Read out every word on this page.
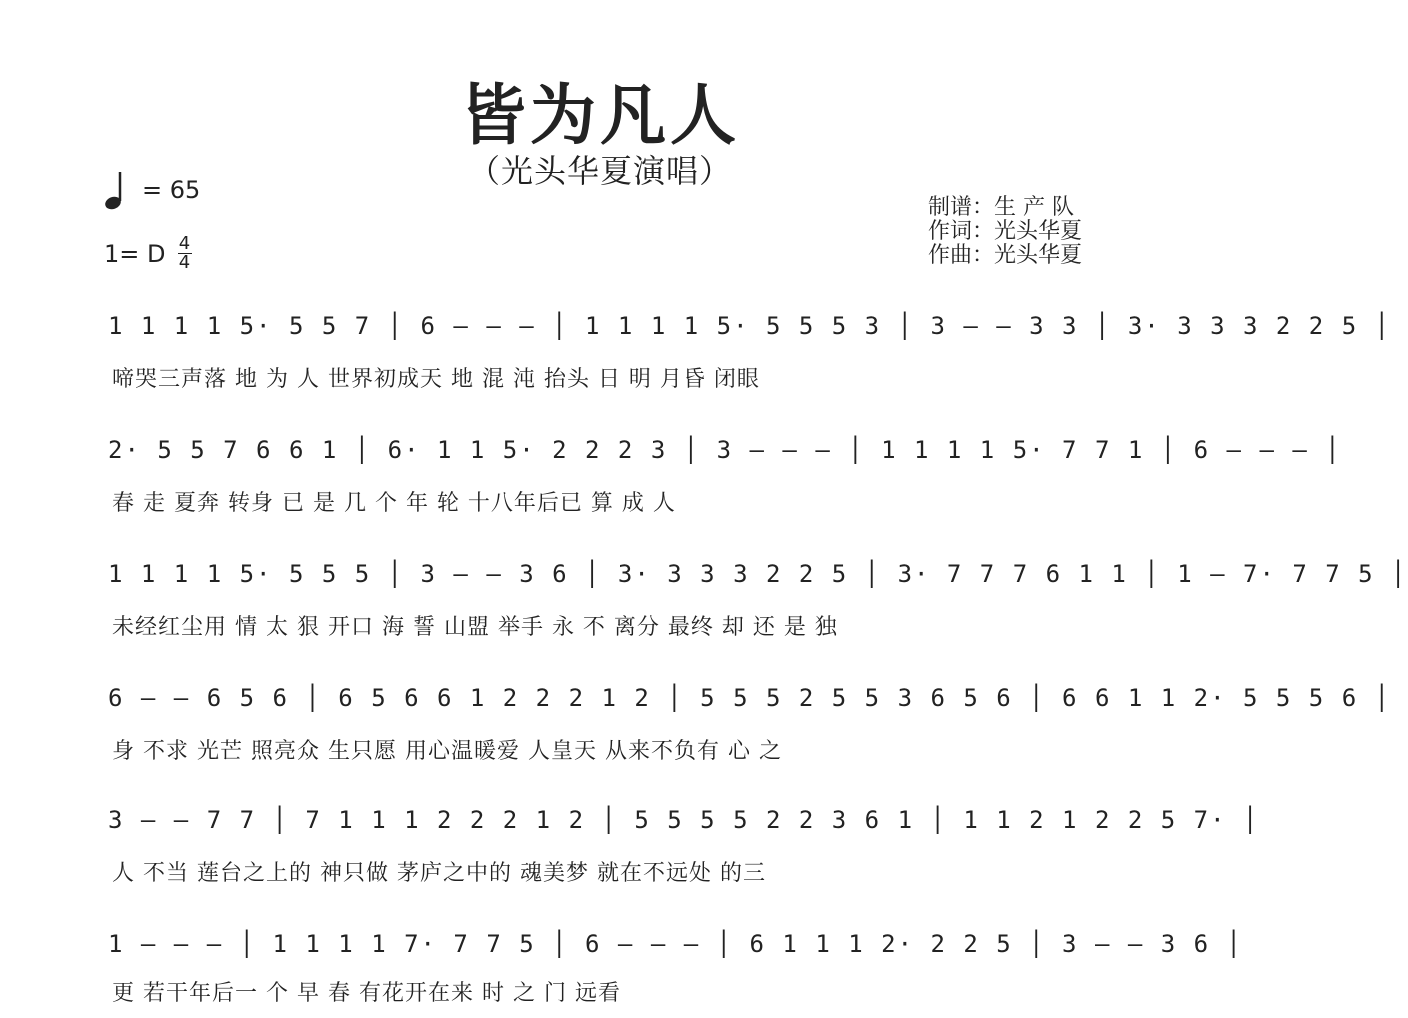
皆为凡人
（光头华夏演唱）
= 65
1= D $\frac{4}{4}$
制谱：生 产 队
作词：光头华夏
作曲：光头华夏
1 1 1 1 5· 5 5 7 │ 6 — — — │ 1 1 1 1 5· 5 5 5 3 │ 3 — — 3 3 │ 3· 3 3 3 2 2 5 │
啼哭三声落 地 为 人 世界初成天 地 混 沌 抬头 日 明 月昏 闭眼
2· 5 5 7 6 6 1 │ 6· 1 1 5· 2 2 2 3 │ 3 — — — │ 1 1 1 1 5· 7 7 1 │ 6 — — — │
春 走 夏奔 转身 已 是 几 个 年 轮 十八年后已 算 成 人
1 1 1 1 5· 5 5 5 │ 3 — — 3 6 │ 3· 3 3 3 2 2 5 │ 3· 7 7 7 6 1 1 │ 1 — 7· 7 7 5 │
未经红尘用 情 太 狠 开口 海 誓 山盟 举手 永 不 离分 最终 却 还 是 独
6 — — 6 5 6 │ 6 5 6 6 1 2 2 2 1 2 │ 5 5 5 2 5 5 3 6 5 6 │ 6 6 1 1 2· 5 5 5 6 │
身 不求 光芒 照亮众 生只愿 用心温暖爱 人皇天 从来不负有 心 之
3 — — 7 7 │ 7 1 1 1 2 2 2 1 2 │ 5 5 5 5 2 2 3 6 1 │ 1 1 2 1 2 2 5 7· │
人 不当 莲台之上的 神只做 茅庐之中的 魂美梦 就在不远处 的三
1 — — — │ 1 1 1 1 7· 7 7 5 │ 6 — — — │ 6 1 1 1 2· 2 2 5 │ 3 — — 3 6 │
更 若干年后一 个 早 春 有花开在来 时 之 门 远看
